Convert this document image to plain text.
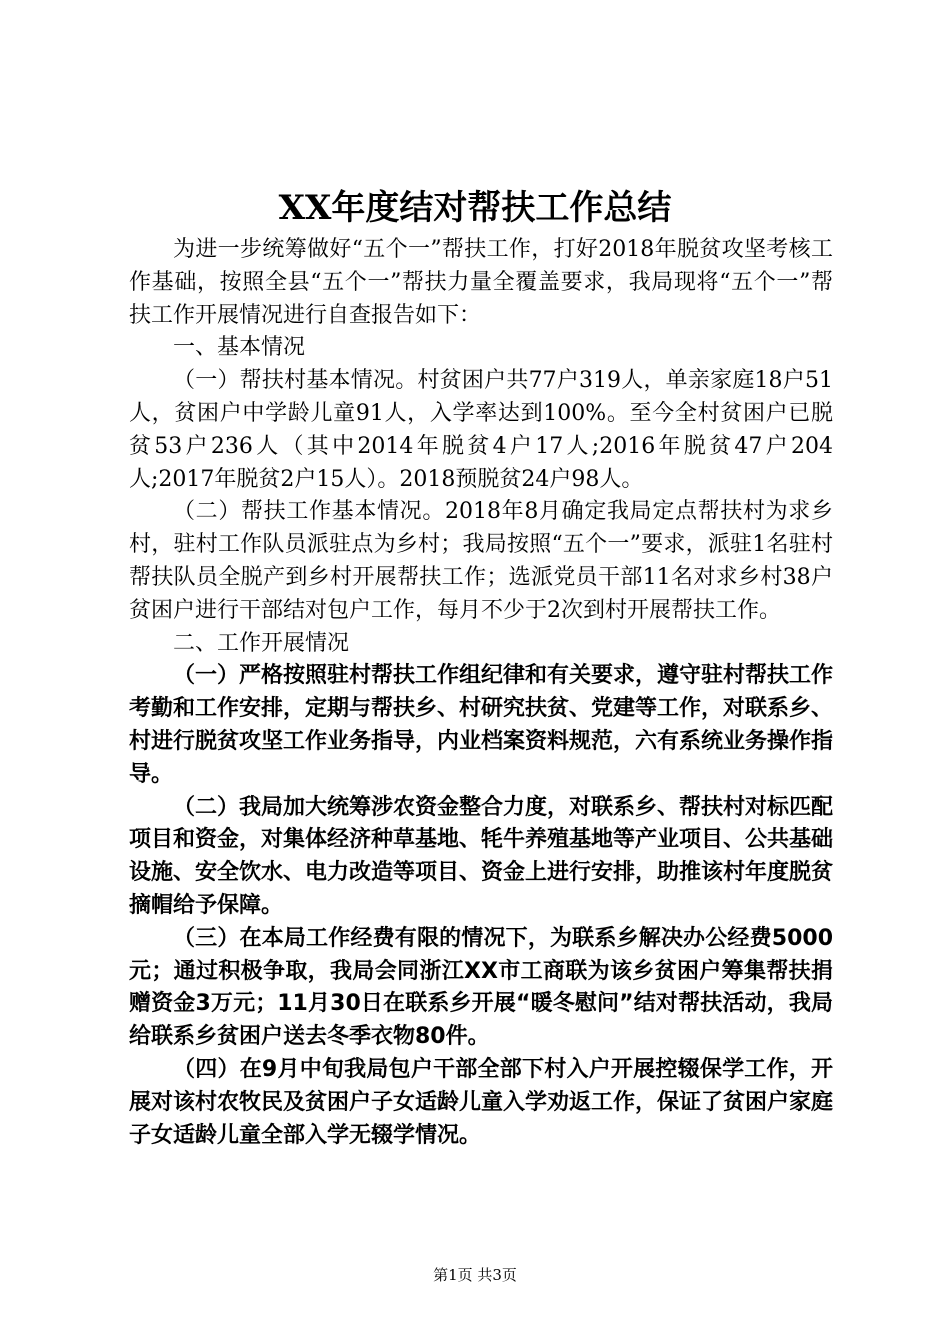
XX年度结对帮扶工作总结

为进一步统筹做好“五个一”帮扶工作，打好2018年脱贫攻坚考核工作基础，按照全县“五个一”帮扶力量全覆盖要求，我局现将“五个一”帮扶工作开展情况进行自查报告如下：

一、基本情况

（一）帮扶村基本情况。村贫困户共77户319人，单亲家庭18户51人，贫困户中学龄儿童91人，入学率达到100%。至今全村贫困户已脱贫53户236人（其中2014年脱贫4户17人;2016年脱贫47户204人;2017年脱贫2户15人）。2018预脱贫24户98人。

（二）帮扶工作基本情况。2018年8月确定我局定点帮扶村为求乡村，驻村工作队员派驻点为乡村；我局按照“五个一”要求，派驻1名驻村帮扶队员全脱产到乡村开展帮扶工作；选派党员干部11名对求乡村38户贫困户进行干部结对包户工作，每月不少于2次到村开展帮扶工作。

二、工作开展情况

（一）严格按照驻村帮扶工作组纪律和有关要求，遵守驻村帮扶工作考勤和工作安排，定期与帮扶乡、村研究扶贫、党建等工作，对联系乡、村进行脱贫攻坚工作业务指导，内业档案资料规范，六有系统业务操作指导。

（二）我局加大统筹涉农资金整合力度，对联系乡、帮扶村对标匹配项目和资金，对集体经济种草基地、牦牛养殖基地等产业项目、公共基础设施、安全饮水、电力改造等项目、资金上进行安排，助推该村年度脱贫摘帽给予保障。

（三）在本局工作经费有限的情况下，为联系乡解决办公经费5000元；通过积极争取，我局会同浙江XX市工商联为该乡贫困户筹集帮扶捐赠资金3万元；11月30日在联系乡开展“暖冬慰问”结对帮扶活动，我局给联系乡贫困户送去冬季衣物80件。

（四）在9月中旬我局包户干部全部下村入户开展控辍保学工作，开展对该村农牧民及贫困户子女适龄儿童入学劝返工作，保证了贫困户家庭子女适龄儿童全部入学无辍学情况。

第1页 共3页
